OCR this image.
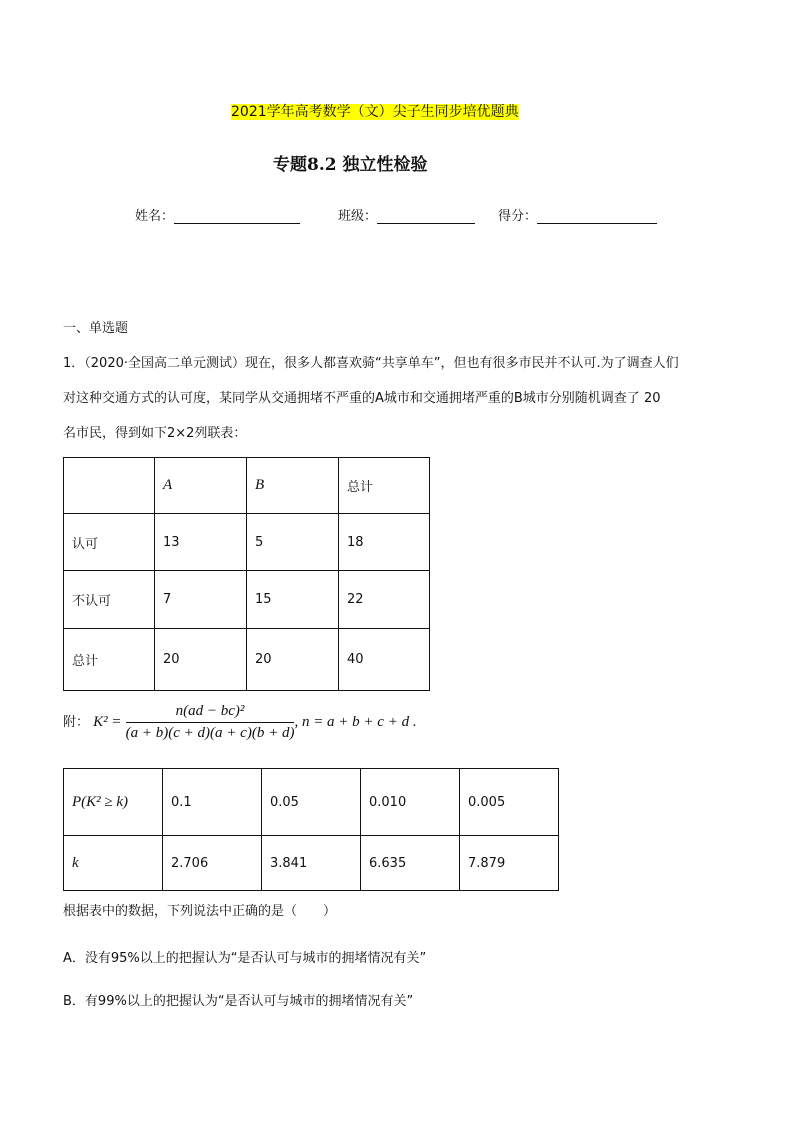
2021学年高考数学（文）尖子生同步培优题典
专题8.2 独立性检验
姓名：	班级：	得分：
一、单选题
1．（2020·全国高二单元测试）现在，很多人都喜欢骑“共享单车”，但也有很多市民并不认可.为了调查人们
对这种交通方式的认可度，某同学从交通拥堵不严重的A城市和交通拥堵严重的B城市分别随机调查了 20
名市民，得到如下2×2列联表：
	A	B	总计
认可	13	5	18
不认可	7	15	22
总计	20	20	40
附： $K^2 = \frac{\text{n(ad − bc)²}}{(a + b)(c + d)(a + c)(b + d)}$ , n = a + b + c + d .
P(K² ≥ k)	0.1	0.05	0.010	0.005
k	2.706	3.841	6.635	7.879
根据表中的数据，下列说法中正确的是（　　）
A．没有95%以上的把握认为“是否认可与城市的拥堵情况有关”
B．有99%以上的把握认为“是否认可与城市的拥堵情况有关”
